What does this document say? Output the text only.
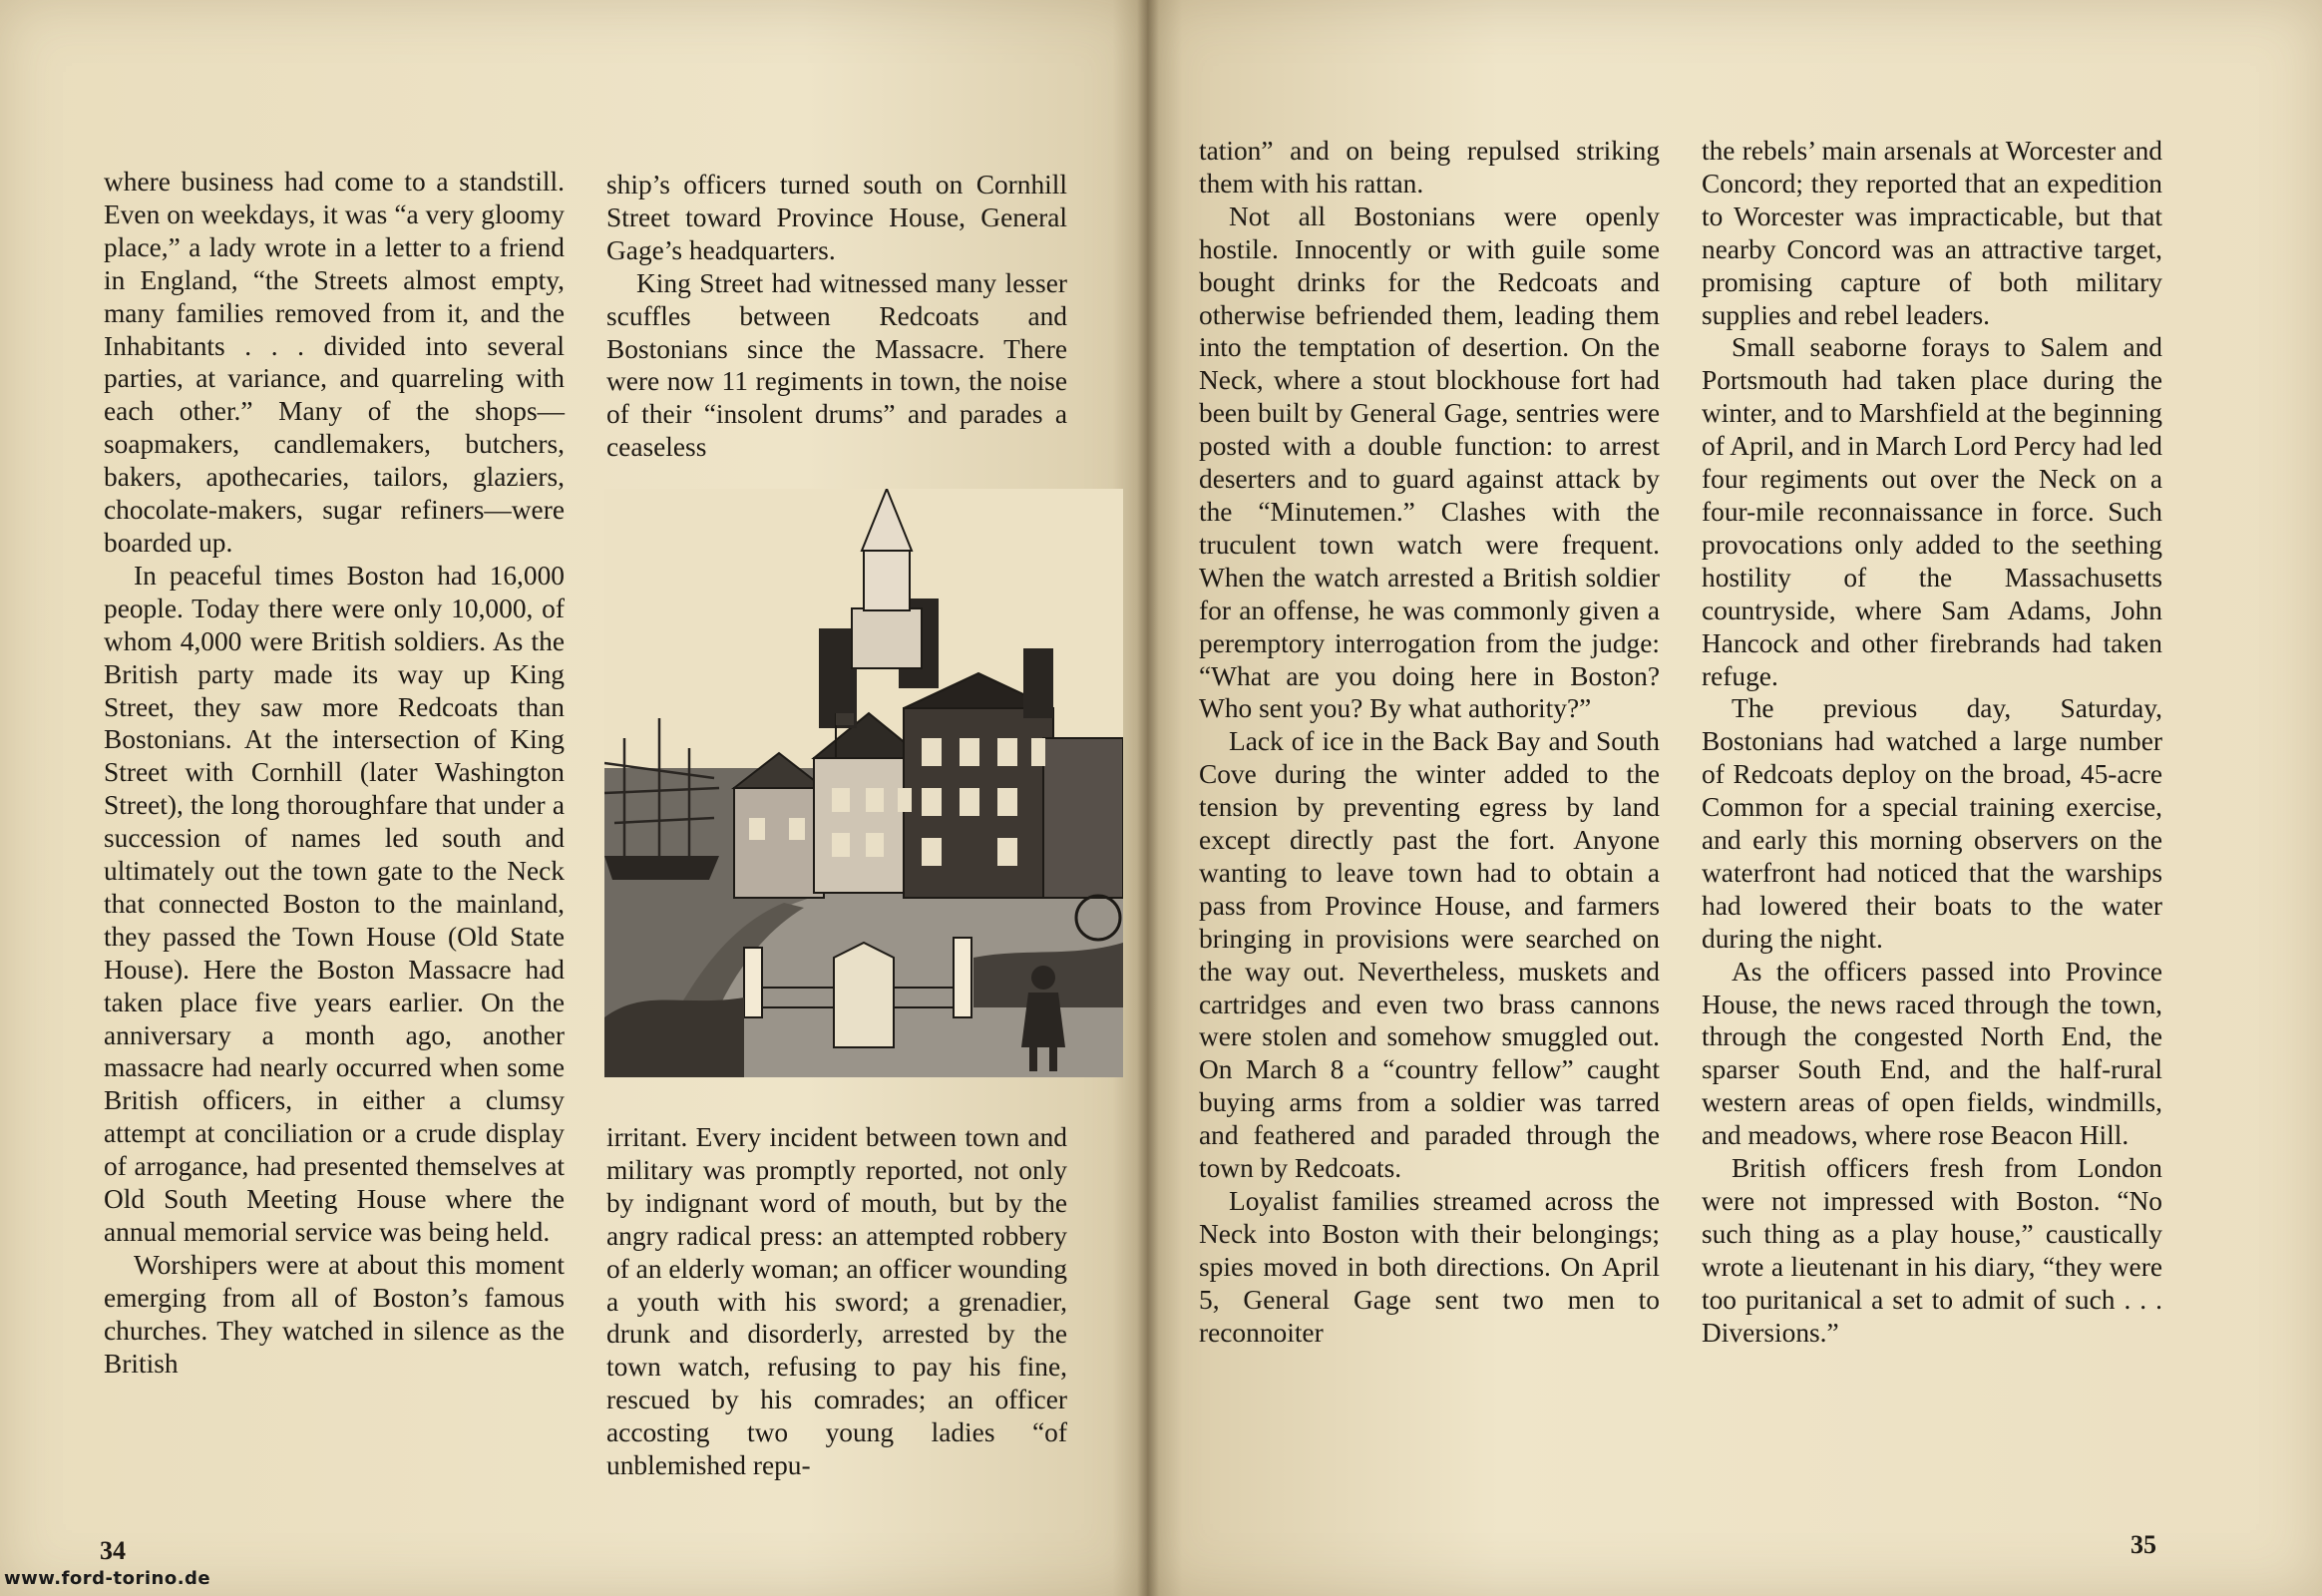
where business had come to a standstill. Even on weekdays, it was “a very gloomy place,” a lady wrote in a letter to a friend in England, “the Streets almost empty, many families removed from it, and the Inhabitants . . . divided into several parties, at variance, and quarreling with each other.” Many of the shops—soapmakers, candlemakers, butchers, bakers, apothecaries, tailors, glaziers, chocolate-makers, sugar refiners—were boarded up.

In peaceful times Boston had 16,000 people. Today there were only 10,000, of whom 4,000 were British soldiers. As the British party made its way up King Street, they saw more Redcoats than Bostonians. At the intersection of King Street with Cornhill (later Washington Street), the long thoroughfare that under a succession of names led south and ultimately out the town gate to the Neck that connected Boston to the mainland, they passed the Town House (Old State House). Here the Boston Massacre had taken place five years earlier. On the anniversary a month ago, another massacre had nearly occurred when some British officers, in either a clumsy attempt at conciliation or a crude display of arrogance, had presented themselves at Old South Meeting House where the annual memorial service was being held.

Worshipers were at about this moment emerging from all of Boston’s famous churches. They watched in silence as the British

ship’s officers turned south on Cornhill Street toward Province House, General Gage’s headquarters.

King Street had witnessed many lesser scuffles between Redcoats and Bostonians since the Massacre. There were now 11 regiments in town, the noise of their “insolent drums” and parades a ceaseless

irritant. Every incident between town and military was promptly reported, not only by indignant word of mouth, but by the angry radical press: an attempted robbery of an elderly woman; an officer wounding a youth with his sword; a grenadier, drunk and disorderly, arrested by the town watch, refusing to pay his fine, rescued by his comrades; an officer accosting two young ladies “of unblemished repu-

34
www.ford-torino.de

tation” and on being repulsed striking them with his rattan.

Not all Bostonians were openly hostile. Innocently or with guile some bought drinks for the Redcoats and otherwise befriended them, leading them into the temptation of desertion. On the Neck, where a stout blockhouse fort had been built by General Gage, sentries were posted with a double function: to arrest deserters and to guard against attack by the “Minutemen.” Clashes with the truculent town watch were frequent. When the watch arrested a British soldier for an offense, he was commonly given a peremptory interrogation from the judge: “What are you doing here in Boston? Who sent you? By what authority?”

Lack of ice in the Back Bay and South Cove during the winter added to the tension by preventing egress by land except directly past the fort. Anyone wanting to leave town had to obtain a pass from Province House, and farmers bringing in provisions were searched on the way out. Nevertheless, muskets and cartridges and even two brass cannons were stolen and somehow smuggled out. On March 8 a “country fellow” caught buying arms from a soldier was tarred and feathered and paraded through the town by Redcoats.

Loyalist families streamed across the Neck into Boston with their belongings; spies moved in both directions. On April 5, General Gage sent two men to reconnoiter

the rebels’ main arsenals at Worcester and Concord; they reported that an expedition to Worcester was impracticable, but that nearby Concord was an attractive target, promising capture of both military supplies and rebel leaders.

Small seaborne forays to Salem and Portsmouth had taken place during the winter, and to Marshfield at the beginning of April, and in March Lord Percy had led four regiments out over the Neck on a four-mile reconnaissance in force. Such provocations only added to the seething hostility of the Massachusetts countryside, where Sam Adams, John Hancock and other firebrands had taken refuge.

The previous day, Saturday, Bostonians had watched a large number of Redcoats deploy on the broad, 45-acre Common for a special training exercise, and early this morning observers on the waterfront had noticed that the warships had lowered their boats to the water during the night.

As the officers passed into Province House, the news raced through the town, through the congested North End, the sparser South End, and the half-rural western areas of open fields, windmills, and meadows, where rose Beacon Hill.

British officers fresh from London were not impressed with Boston. “No such thing as a play house,” caustically wrote a lieutenant in his diary, “they were too puritanical a set to admit of such . . . Diversions.”

35
